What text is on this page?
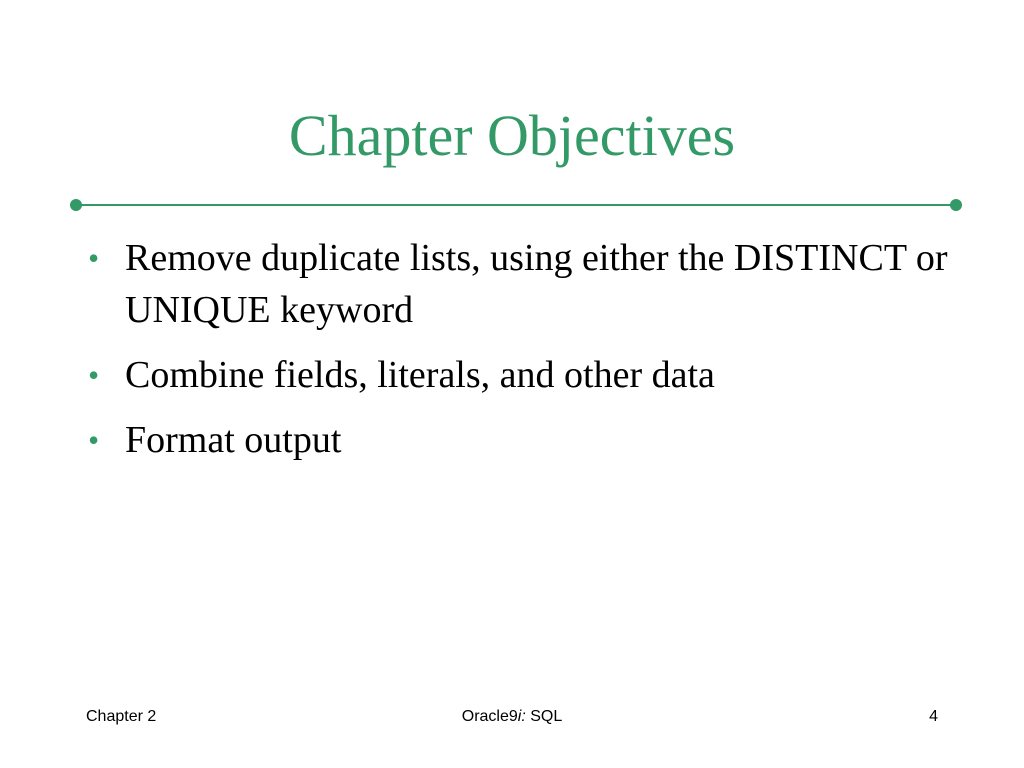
Chapter Objectives
• Remove duplicate lists, using either the DISTINCT or UNIQUE keyword
• Combine fields, literals, and other data
• Format output
Chapter 2	Oracle9i: SQL	4
